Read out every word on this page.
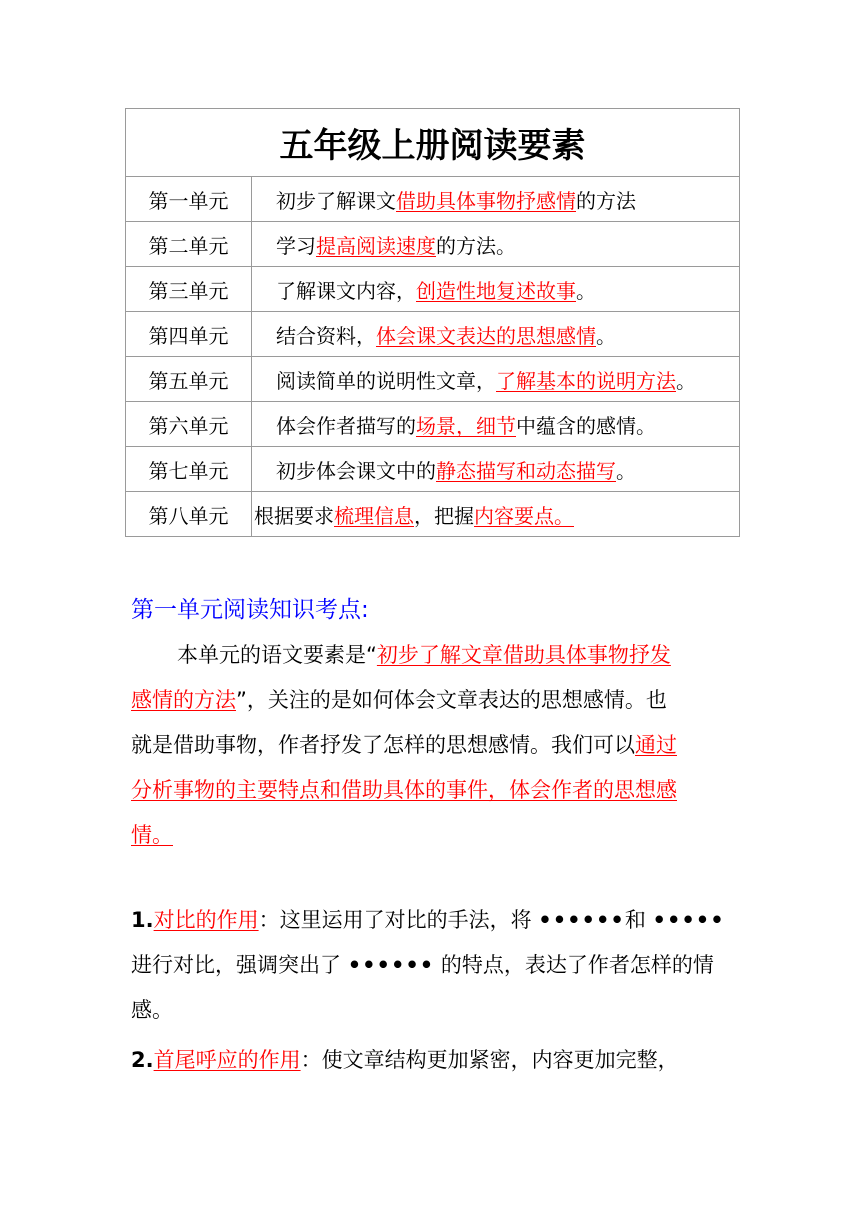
五年级上册阅读要素	
第一单元	初步了解课文借助具体事物抒感情的方法
第二单元	学习提高阅读速度的方法。
第三单元	了解课文内容，创造性地复述故事。
第四单元	结合资料，体会课文表达的思想感情。
第五单元	阅读简单的说明性文章，了解基本的说明方法。
第六单元	体会作者描写的场景，细节中蕴含的感情。
第七单元	初步体会课文中的静态描写和动态描写。
第八单元	根据要求梳理信息，把握内容要点。
第一单元阅读知识考点:
本单元的语文要素是“初步了解文章借助具体事物抒发
感情的方法”，关注的是如何体会文章表达的思想感情。也
就是借助事物，作者抒发了怎样的思想感情。我们可以通过
分析事物的主要特点和借助具体的事件，体会作者的思想感
情。
1.对比的作用：这里运用了对比的手法，将 ••••••和 •••••进行对比，强调突出了 •••••• 的特点，表达了作者怎样的情感。
2.首尾呼应的作用：使文章结构更加紧密，内容更加完整，
